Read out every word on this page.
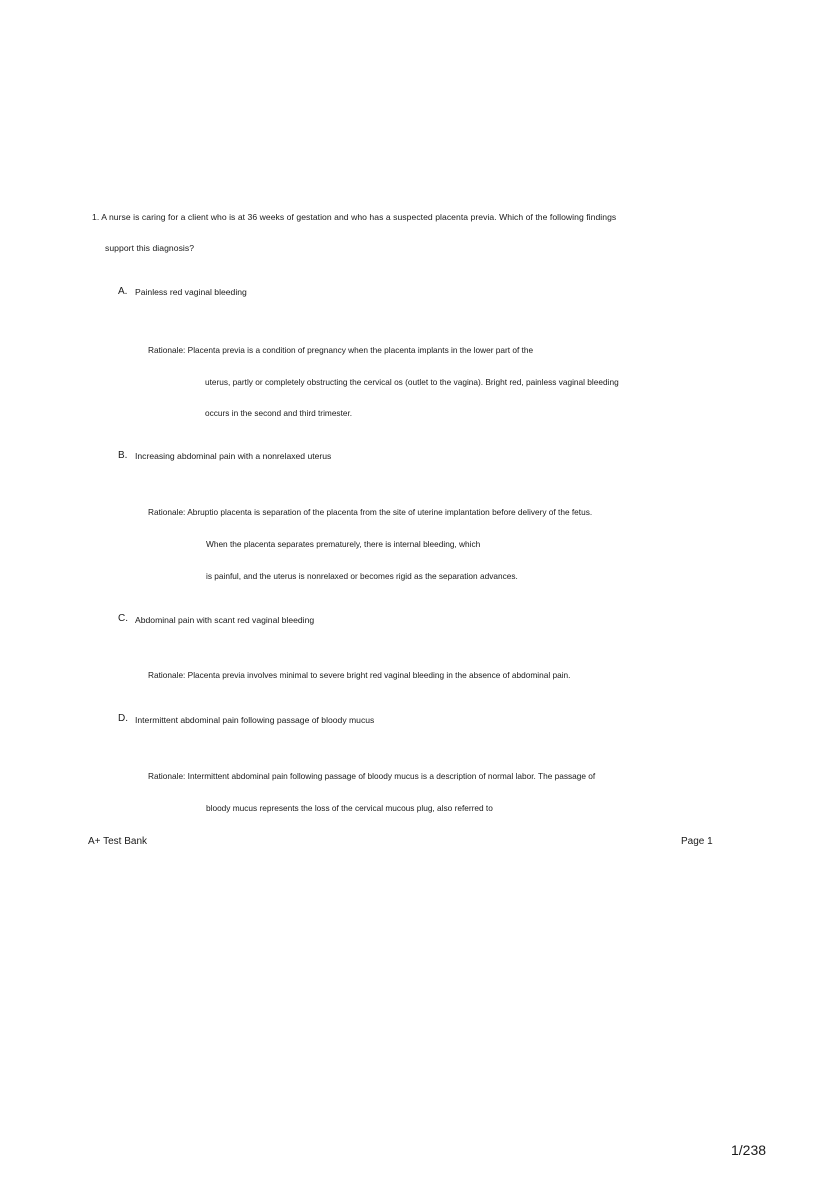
1. A nurse is caring for a client who is at 36 weeks of gestation and who has a suspected placenta previa. Which of the following findings
support this diagnosis?
A. Painless red vaginal bleeding
Rationale: Placenta previa is a condition of pregnancy when the placenta implants in the lower part of the
uterus, partly or completely obstructing the cervical os (outlet to the vagina). Bright red, painless vaginal bleeding
occurs in the second and third trimester.
B. Increasing abdominal pain with a nonrelaxed uterus
Rationale: Abruptio placenta is separation of the placenta from the site of uterine implantation before delivery of the fetus.
When the placenta separates prematurely, there is internal bleeding, which
is painful, and the uterus is nonrelaxed or becomes rigid as the separation advances.
C. Abdominal pain with scant red vaginal bleeding
Rationale: Placenta previa involves minimal to severe bright red vaginal bleeding in the absence of abdominal pain.
D. Intermittent abdominal pain following passage of bloody mucus
Rationale: Intermittent abdominal pain following passage of bloody mucus is a description of normal labor. The passage of
bloody mucus represents the loss of the cervical mucous plug, also referred to
A+ Test Bank	Page 1
1/238
